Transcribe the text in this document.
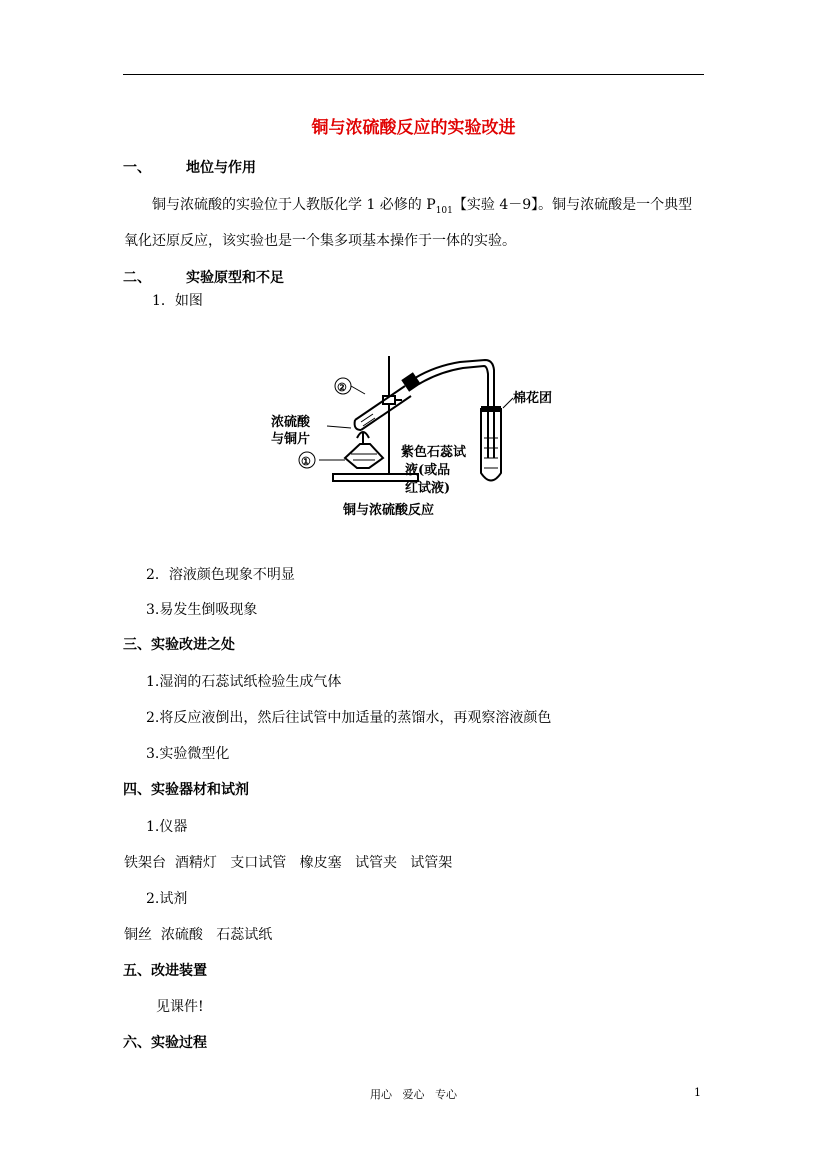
铜与浓硫酸反应的实验改进
一、	地位与作用
铜与浓硫酸的实验位于人教版化学 1 必修的 $P_{101}$【实验 4－9】。铜与浓硫酸是一个典型
氧化还原反应，该实验也是一个集多项基本操作于一体的实验。
二、	实验原型和不足
1．如图
②
①
浓硫酸
与铜片
棉花团
紫色石蕊试
液(或品
红试液)
铜与浓硫酸反应
2．溶液颜色现象不明显
3.易发生倒吸现象
三、实验改进之处
1.湿润的石蕊试纸检验生成气体
2.将反应液倒出，然后往试管中加适量的蒸馏水，再观察溶液颜色
3.实验微型化
四、实验器材和试剂
1.仪器
铁架台  酒精灯   支口试管   橡皮塞   试管夹   试管架
2.试剂
铜丝  浓硫酸   石蕊试纸
五、改进装置
见课件!
六、实验过程
用心   爱心   专心	1
